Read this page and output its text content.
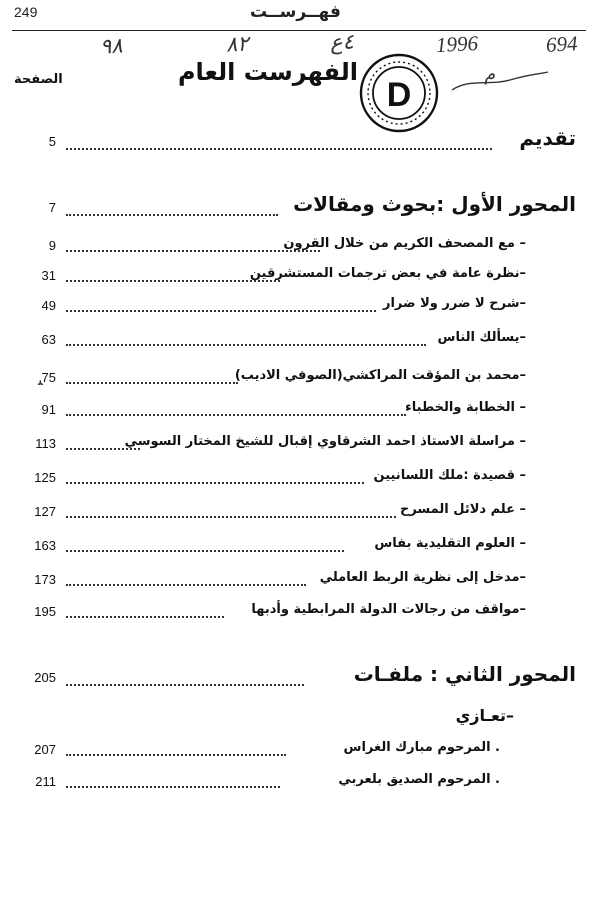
249	فهــرســت
٩٨	٨٢	٤ع	1996	694
م
D
الفهرست العام
الصفحة
5	تقديم
7	المحور الأول :بحوث ومقالات
9	– مع المصحف الكريم من خلال القرون
31	–نظرة عامة في بعض ترجمات المستشرقين
49	–شرح لا ضرر ولا ضرار
63	–يسألك الناس
ﯩ
75	–محمد بن المؤقت المراكشي(الصوفي الاديب)
91	– الخطابة والخطباء
113	– مراسلة الاستاذ احمد الشرقاوي إقبال للشيخ المختار السوسي
125	– قصيدة :ملك اللسانيين
127	– علم دلائل المسرح
163	– العلوم التقليدية بفاس
173	–مدخل إلى نظرية الربط العاملي
195	–مواقف من رجالات الدولة المرابطية وأدبها
205	المحور الثاني : ملفـات
–تعـازي
207	. المرحوم مبارك الغراس
211	. المرحوم الصديق بلعربي
